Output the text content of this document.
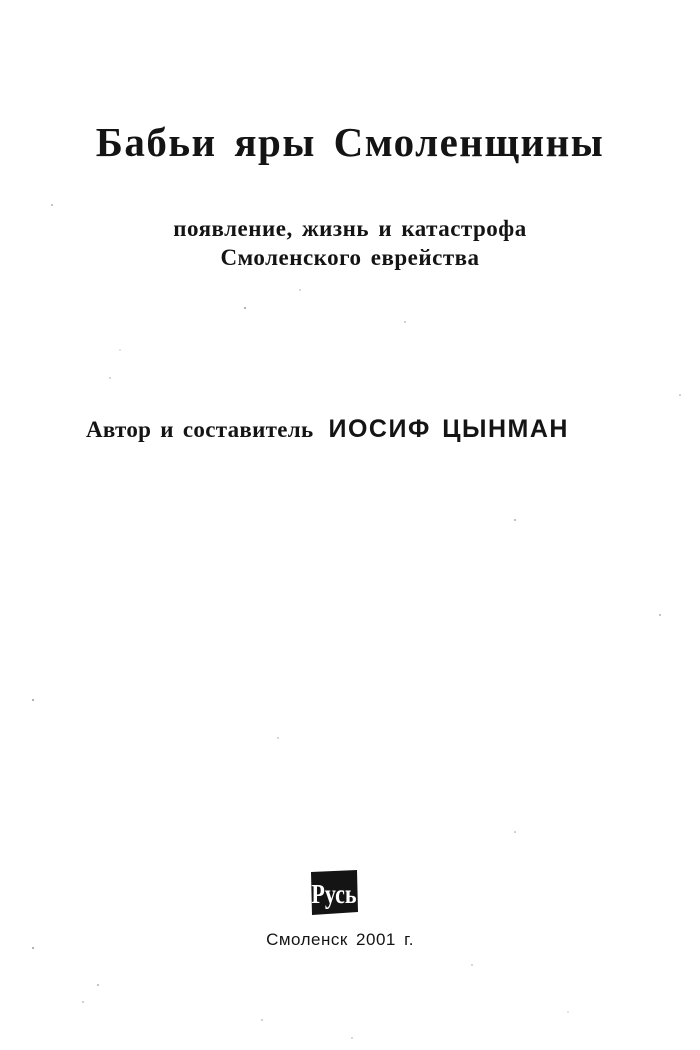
Бабьи яры Смоленщины
появление, жизнь и катастрофа
Смоленского еврейства
Автор и составитель ИОСИФ ЦЫНМАН
Русь
Смоленск 2001 г.
